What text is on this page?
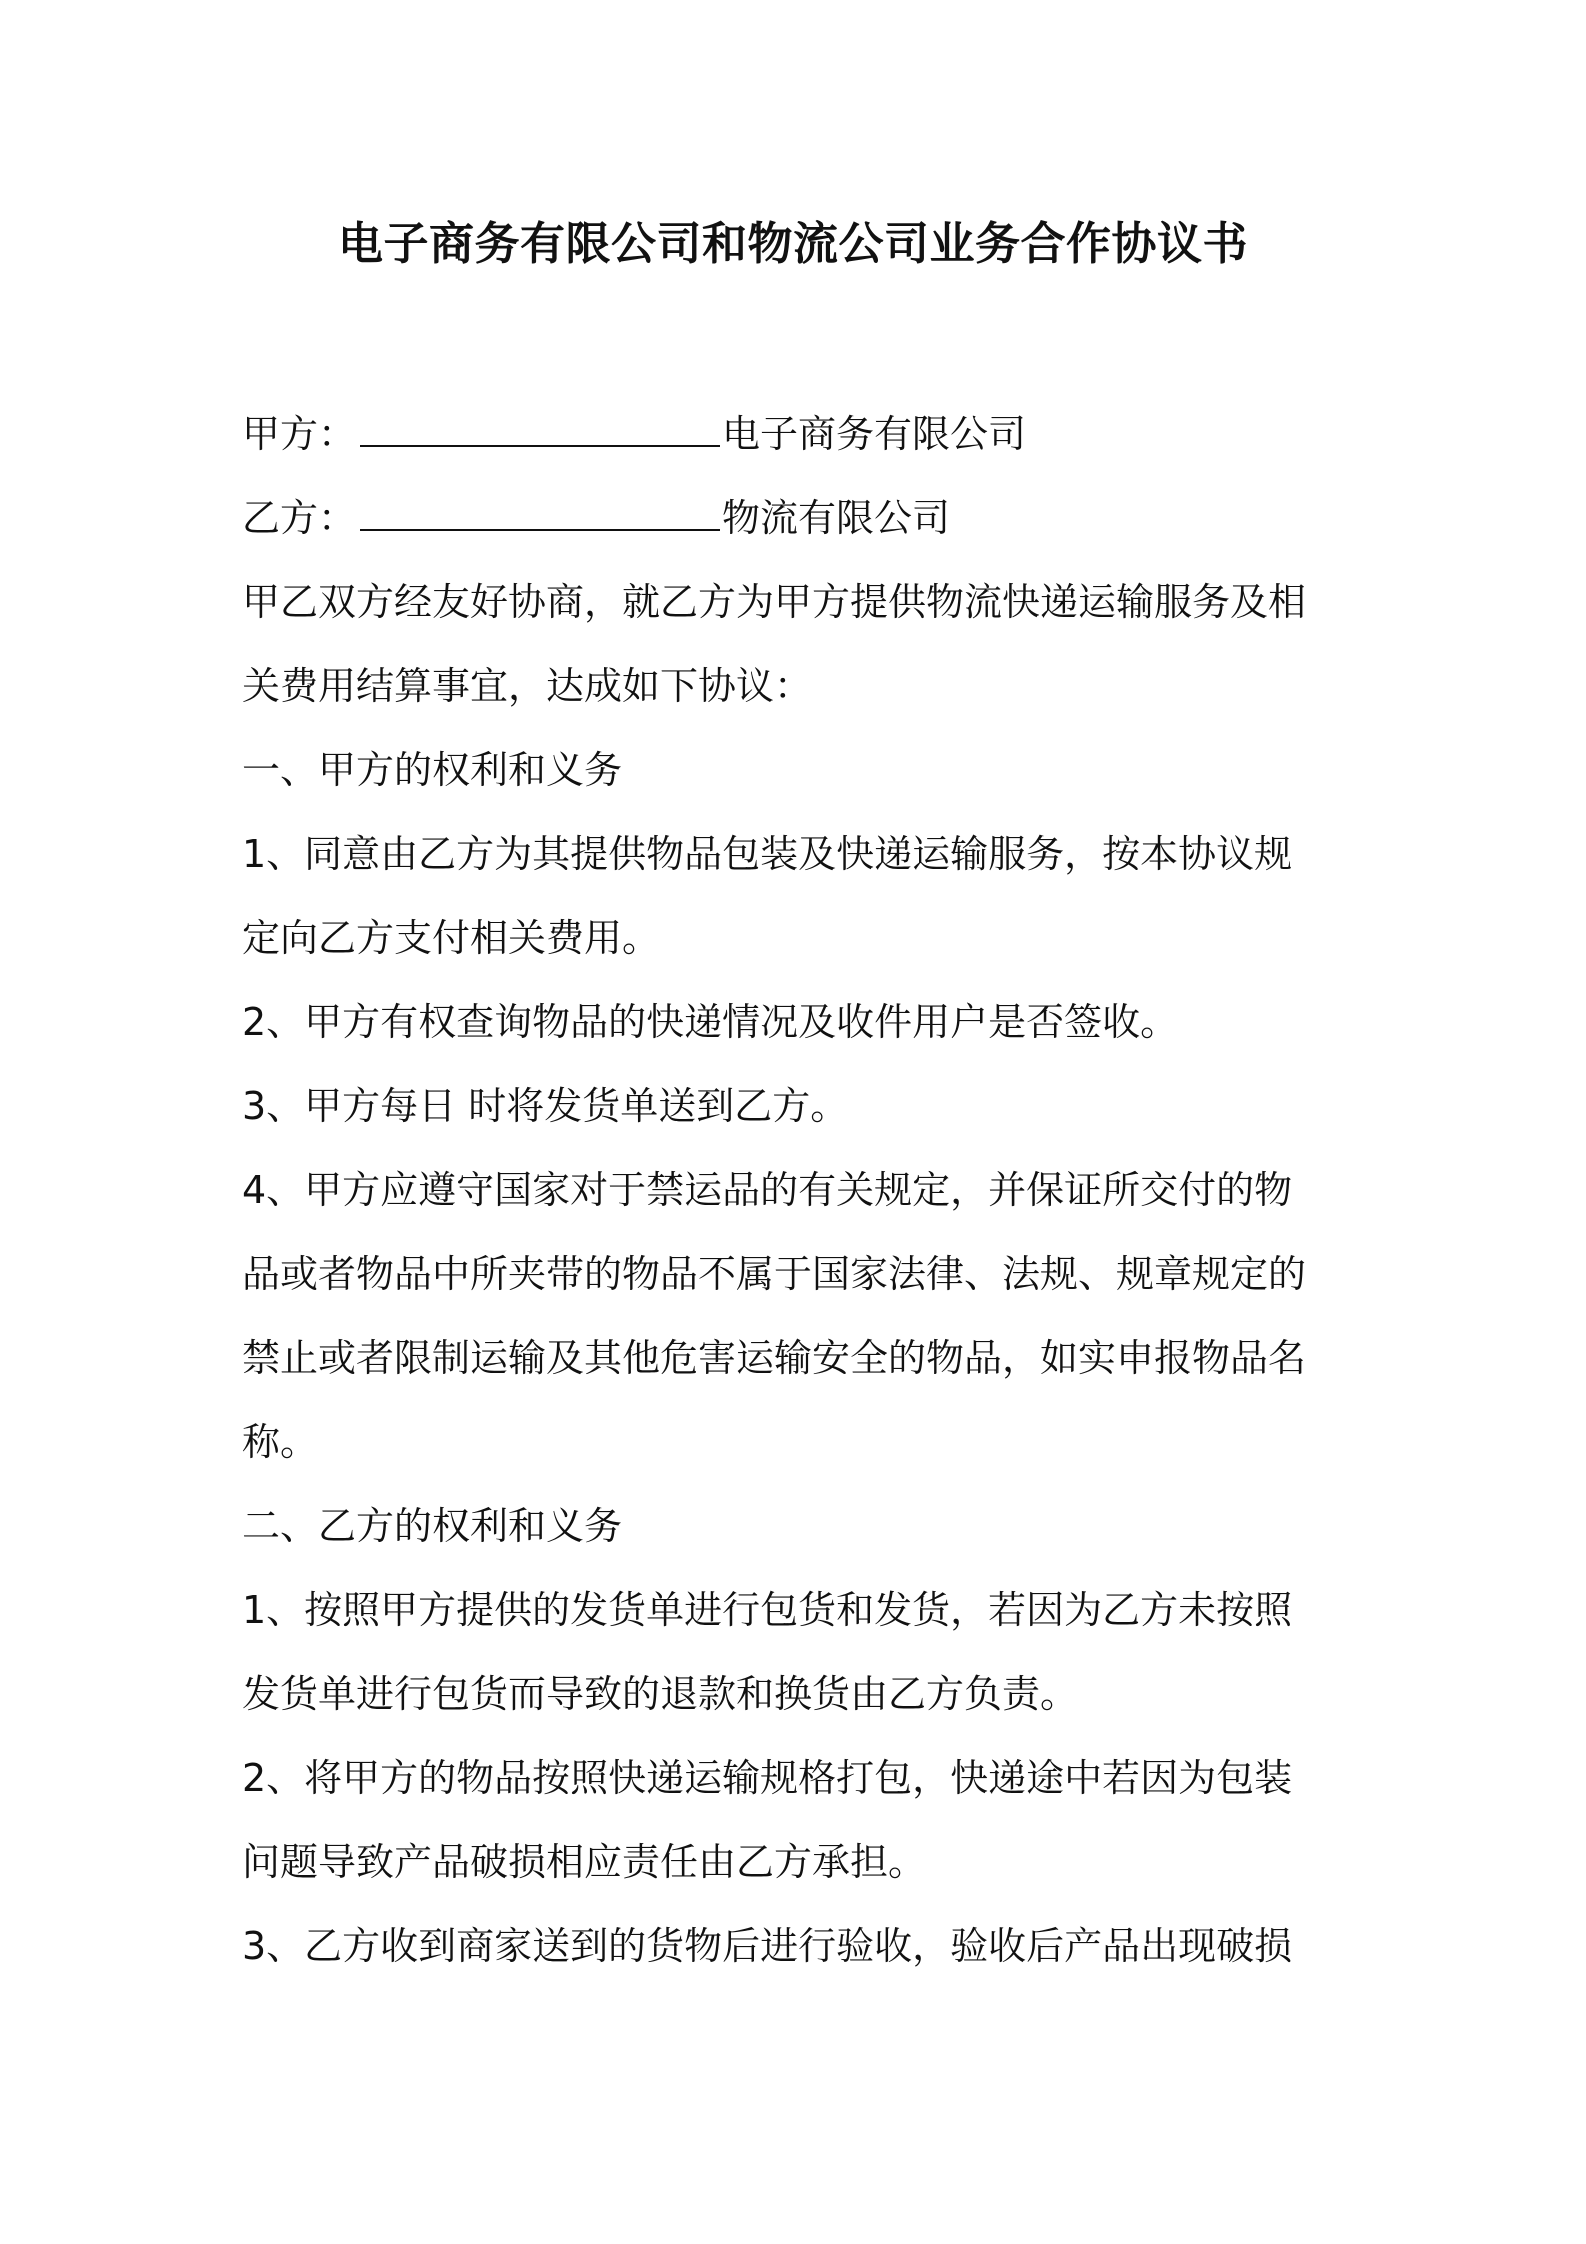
电子商务有限公司和物流公司业务合作协议书
甲方：	电子商务有限公司
乙方：	物流有限公司
甲乙双方经友好协商，就乙方为甲方提供物流快递运输服务及相
关费用结算事宜，达成如下协议：
一、甲方的权利和义务
1、同意由乙方为其提供物品包装及快递运输服务，按本协议规
定向乙方支付相关费用。
2、甲方有权查询物品的快递情况及收件用户是否签收。
3、甲方每日 时将发货单送到乙方。
4、甲方应遵守国家对于禁运品的有关规定，并保证所交付的物
品或者物品中所夹带的物品不属于国家法律、法规、规章规定的
禁止或者限制运输及其他危害运输安全的物品，如实申报物品名
称。
二、乙方的权利和义务
1、按照甲方提供的发货单进行包货和发货，若因为乙方未按照
发货单进行包货而导致的退款和换货由乙方负责。
2、将甲方的物品按照快递运输规格打包，快递途中若因为包装
问题导致产品破损相应责任由乙方承担。
3、乙方收到商家送到的货物后进行验收，验收后产品出现破损
